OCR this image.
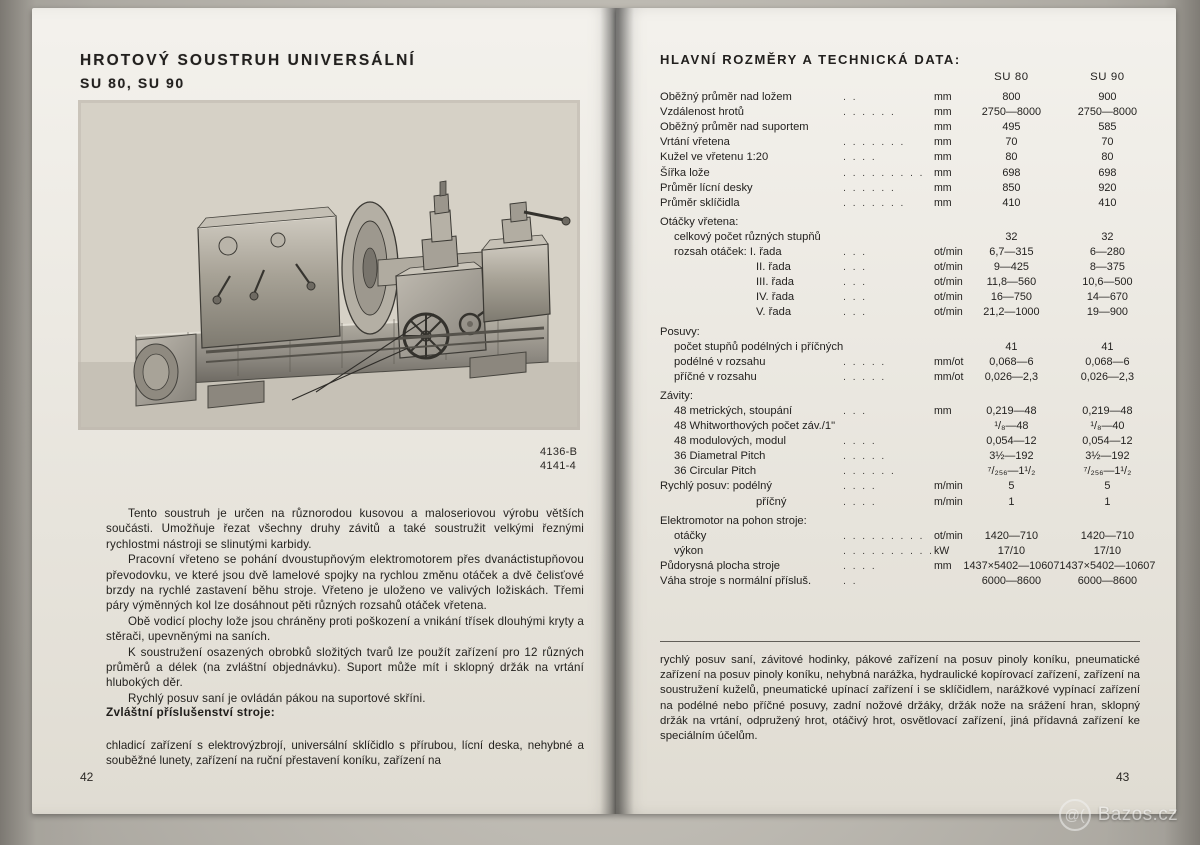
HROTOVÝ SOUSTRUH UNIVERSÁLNÍ
SU 80, SU 90
4136-B
4141-4

Tento soustruh je určen na různorodou kusovou a maloseriovou výrobu větších součásti. Umožňuje řezat všechny druhy závitů a také soustružit velkými řeznými rychlostmi nástroji se slinutými karbidy.

Pracovní vřeteno se pohání dvoustupňovým elektromotorem přes dvanáctistupňovou převodovku, ve které jsou dvě lamelové spojky na rychlou změnu otáček a dvě čelisťové brzdy na rychlé zastavení běhu stroje. Vřeteno je uloženo ve valivých ložiskách. Třemi páry výměnných kol lze dosáhnout pěti různých rozsahů otáček vřetena.

Obě vodicí plochy lože jsou chráněny proti poškození a vnikání třísek dlouhými kryty a stěrači, upevněnými na saních.

K soustružení osazených obrobků složitých tvarů lze použít zařízení pro 12 různých průměrů a délek (na zvláštní objednávku). Suport může mít i sklopný držák na vrtání hlubokých děr.

Rychlý posuv saní je ovládán pákou na suportové skříni.

Zvláštní příslušenství stroje:

chladicí zařízení s elektrovýzbrojí, universální sklíčidlo s přírubou, lícní deska, nehybné a souběžné lunety, zařízení na ruční přestavení koníku, zařízení na

42
HLAVNÍ ROZMĚRY A TECHNICKÁ DATA:
			SU 80	SU 90
Oběžný průměr nad ložem	. .	mm	800	900
Vzdálenost hrotů	. . . . . .	mm	2750—8000	2750—8000
Oběžný průměr nad suportem		mm	495	585
Vrtání vřetena	. . . . . . .	mm	70	70
Kužel ve vřetenu 1:20	. . . .	mm	80	80
Šířka lože	. . . . . . . . .	mm	698	698
Průměr lícní desky	. . . . . .	mm	850	920
Průměr sklíčidla	. . . . . . .	mm	410	410
Otáčky vřetena:				
celkový počet různých stupňů			32	32
rozsah otáček: I. řada	. . .	ot/min	6,7—315	6—280
II. řada	. . .	ot/min	9—425	8—375
III. řada	. . .	ot/min	11,8—560	10,6—500
IV. řada	. . .	ot/min	16—750	14—670
V. řada	. . .	ot/min	21,2—1000	19—900
Posuvy:				
počet stupňů podélných i příčných			41	41
podélné v rozsahu	. . . . .	mm/ot	0,068—6	0,068—6
příčné v rozsahu	. . . . .	mm/ot	0,026—2,3	0,026—2,3
Závity:				
48 metrických, stoupání	. . .	mm	0,219—48	0,219—48
48 Whitworthových počet záv./1"			¹/₈—48	¹/₈—40
48 modulových, modul	. . . .		0,054—12	0,054—12
36 Diametral Pitch	. . . . .		3½—192	3½—192
36 Circular Pitch	. . . . . .		⁷/₂₅₆—1¹/₂	⁷/₂₅₆—1¹/₂
Rychlý posuv: podélný	. . . .	m/min	5	5
příčný	. . . .	m/min	1	1
Elektromotor na pohon stroje:				
otáčky	. . . . . . . . .	ot/min	1420—710	1420—710
výkon	. . . . . . . . . .	kW	17/10	17/10
Půdorysná plocha stroje	. . . .	mm	1437×5402—10607	1437×5402—10607
Váha stroje s normální přísluš.	. .		6000—8600	6000—8600

rychlý posuv saní, závitové hodinky, pákové zařízení na posuv pinoly koníku, pneumatické zařízení na posuv pinoly koníku, nehybná narážka, hydraulické kopírovací zařízení, zařízení na soustružení kuželů, pneumatické upínací zařízení i se sklíčidlem, narážkové vypínací zařízení na podélné nebo příčné posuvy, zadní nožové držáky, držák nože na srážení hran, sklopný držák na vrtání, odpružený hrot, otáčivý hrot, osvětlovací zařízení, jiná přídavná zařízení ke speciálním účelům.

43
@( Bazos.cz
